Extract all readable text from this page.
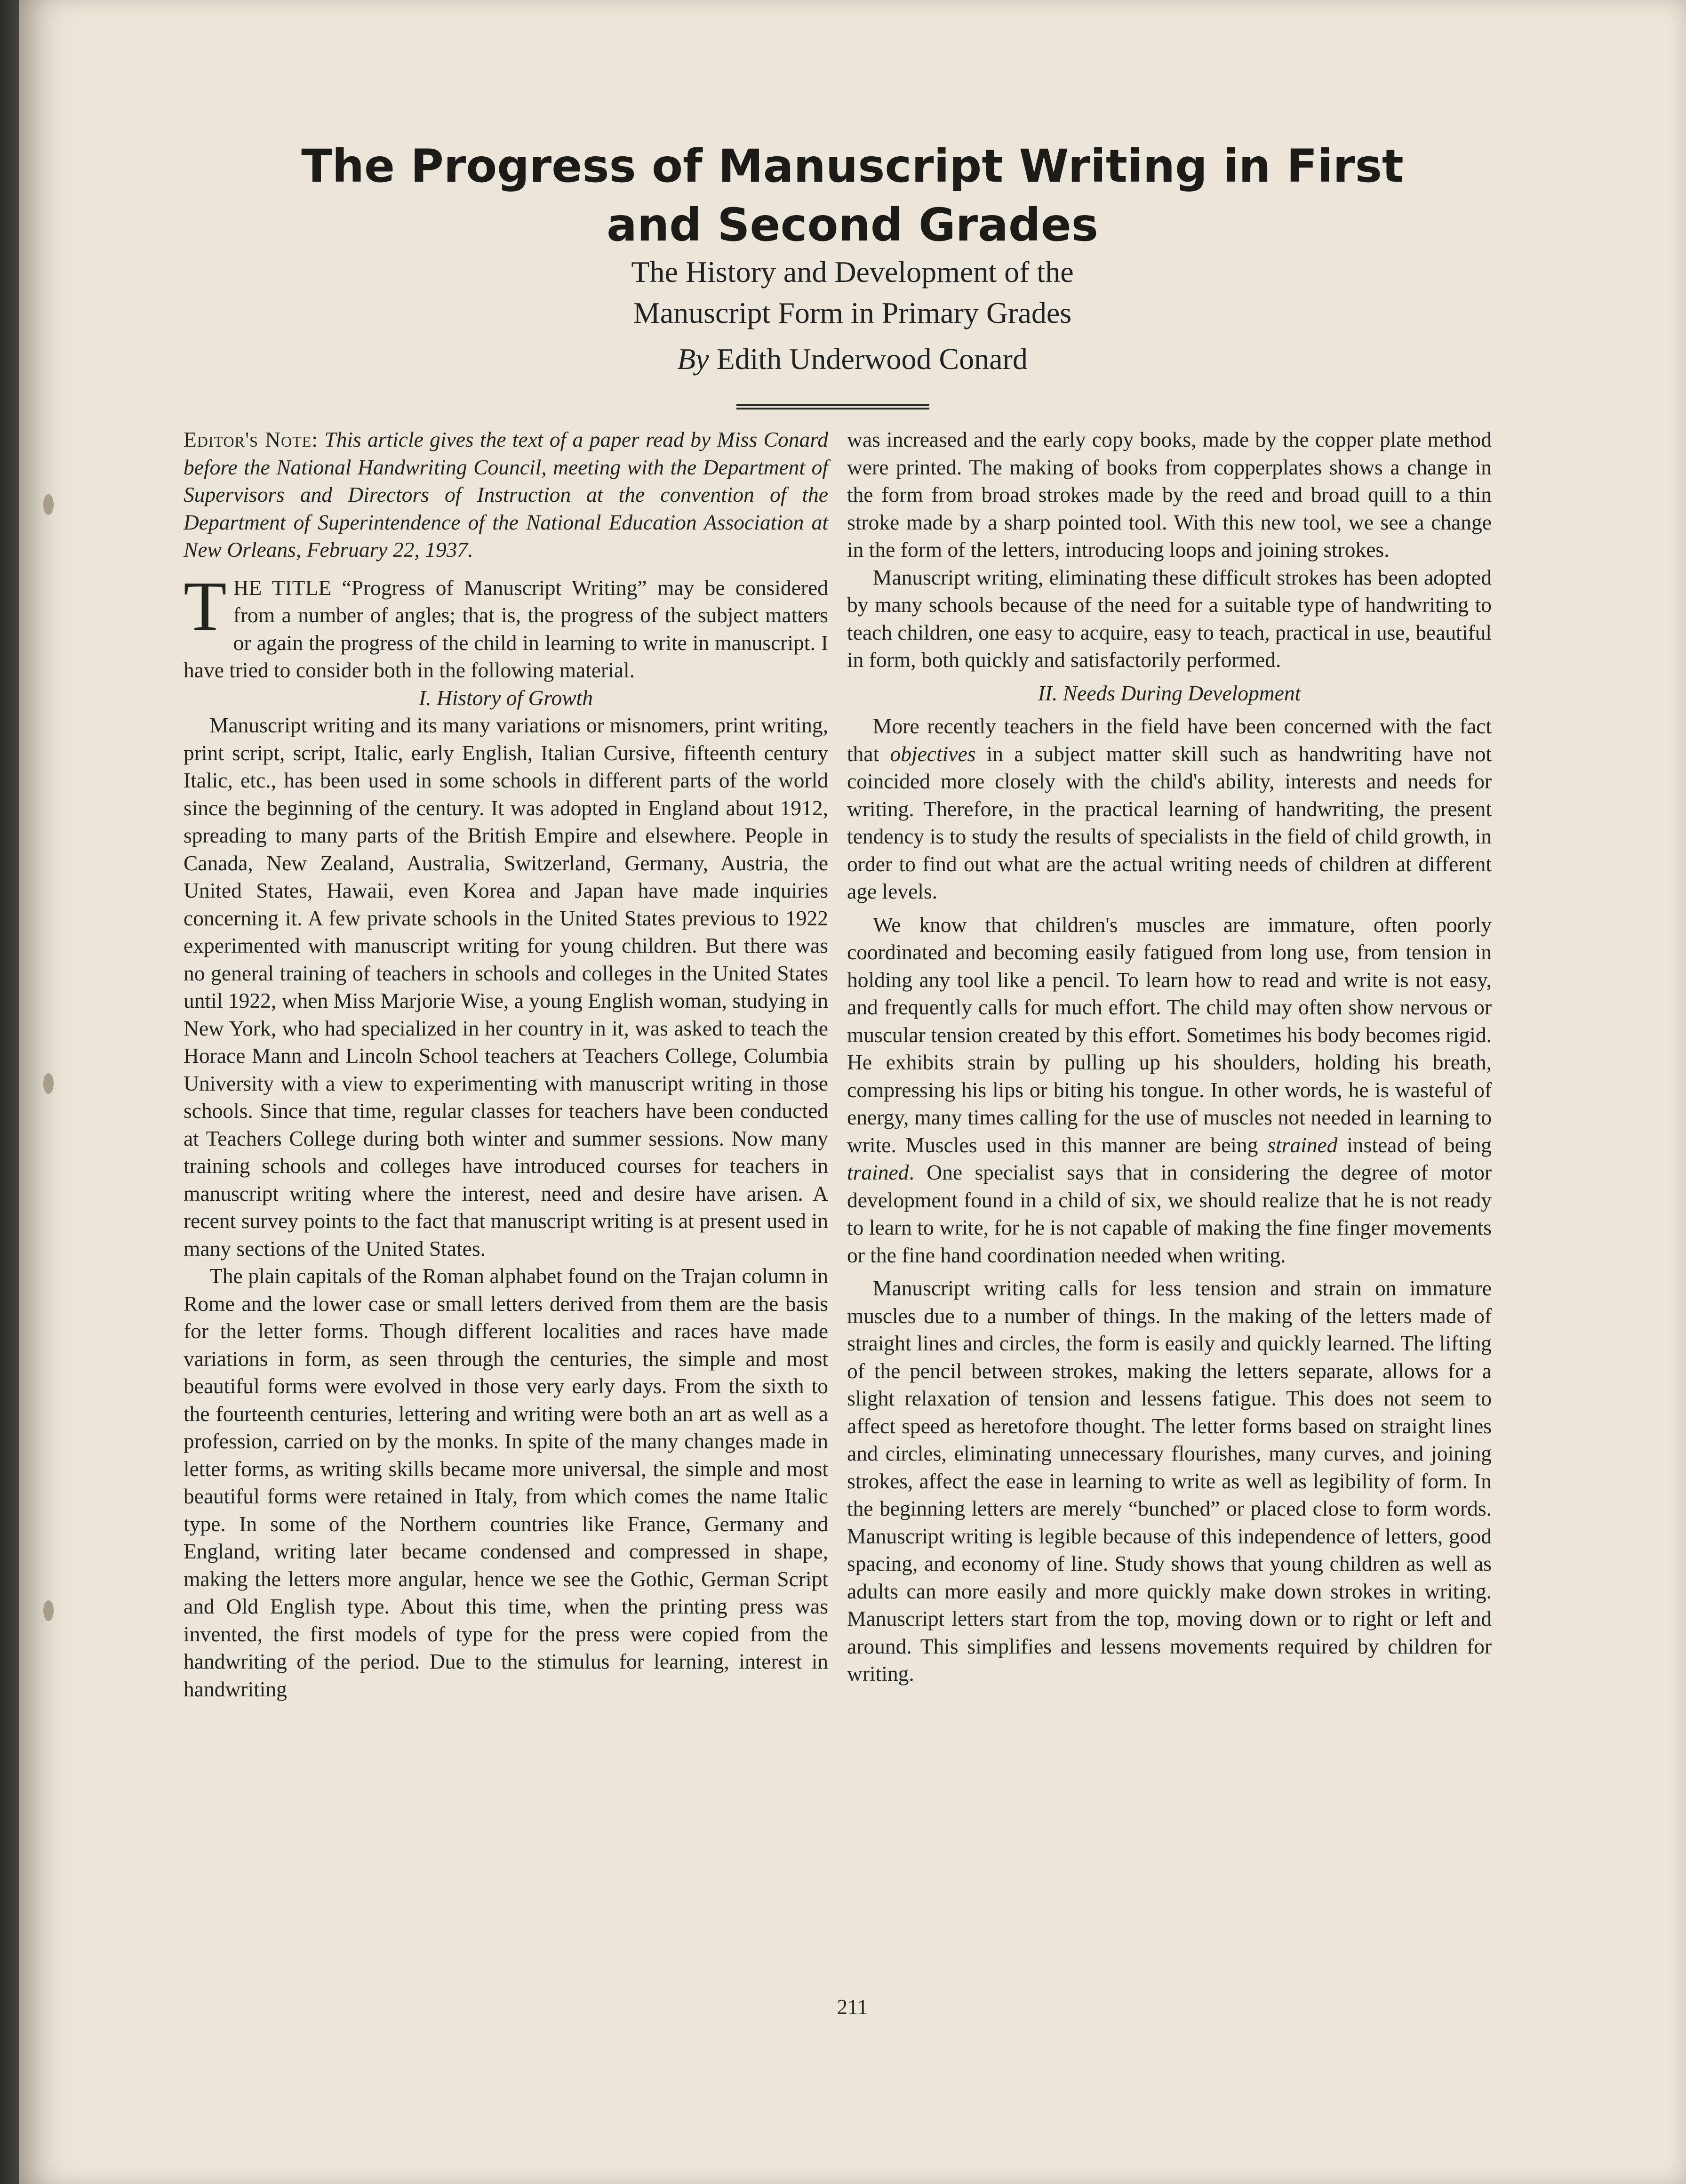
The Progress of Manuscript Writing in First
and Second Grades
The History and Development of the
Manuscript Form in Primary Grades
By Edith Underwood Conard

Editor's Note: This article gives the text of a paper read by Miss Conard before the National Handwriting Council, meeting with the Department of Supervisors and Directors of Instruction at the convention of the Department of Superintendence of the National Education Association at New Orleans, February 22, 1937.

THE TITLE “Progress of Manuscript Writing” may be considered from a number of angles; that is, the progress of the subject matters or again the progress of the child in learning to write in manuscript. I have tried to consider both in the following material.

I. History of Growth

Manuscript writing and its many variations or misnomers, print writing, print script, script, Italic, early English, Italian Cursive, fifteenth century Italic, etc., has been used in some schools in different parts of the world since the beginning of the century. It was adopted in England about 1912, spreading to many parts of the British Empire and elsewhere. People in Canada, New Zealand, Australia, Switzerland, Germany, Austria, the United States, Hawaii, even Korea and Japan have made inquiries concerning it. A few private schools in the United States previous to 1922 experimented with manuscript writing for young children. But there was no general training of teachers in schools and colleges in the United States until 1922, when Miss Marjorie Wise, a young English woman, studying in New York, who had specialized in her country in it, was asked to teach the Horace Mann and Lincoln School teachers at Teachers College, Columbia University with a view to experimenting with manuscript writing in those schools. Since that time, regular classes for teachers have been conducted at Teachers College during both winter and summer sessions. Now many training schools and colleges have introduced courses for teachers in manuscript writing where the interest, need and desire have arisen. A recent survey points to the fact that manuscript writing is at present used in many sections of the United States.

The plain capitals of the Roman alphabet found on the Trajan column in Rome and the lower case or small letters derived from them are the basis for the letter forms. Though different localities and races have made variations in form, as seen through the centuries, the simple and most beautiful forms were evolved in those very early days. From the sixth to the fourteenth centuries, lettering and writing were both an art as well as a profession, carried on by the monks. In spite of the many changes made in letter forms, as writing skills became more universal, the simple and most beautiful forms were retained in Italy, from which comes the name Italic type. In some of the Northern countries like France, Germany and England, writing later became condensed and compressed in shape, making the letters more angular, hence we see the Gothic, German Script and Old English type. About this time, when the printing press was invented, the first models of type for the press were copied from the handwriting of the period. Due to the stimulus for learning, interest in handwriting

was increased and the early copy books, made by the copper plate method were printed. The making of books from copperplates shows a change in the form from broad strokes made by the reed and broad quill to a thin stroke made by a sharp pointed tool. With this new tool, we see a change in the form of the letters, introducing loops and joining strokes.

Manuscript writing, eliminating these difficult strokes has been adopted by many schools because of the need for a suitable type of handwriting to teach children, one easy to acquire, easy to teach, practical in use, beautiful in form, both quickly and satisfactorily performed.

II. Needs During Development

More recently teachers in the field have been concerned with the fact that objectives in a subject matter skill such as handwriting have not coincided more closely with the child's ability, interests and needs for writing. Therefore, in the practical learning of handwriting, the present tendency is to study the results of specialists in the field of child growth, in order to find out what are the actual writing needs of children at different age levels.

We know that children's muscles are immature, often poorly coordinated and becoming easily fatigued from long use, from tension in holding any tool like a pencil. To learn how to read and write is not easy, and frequently calls for much effort. The child may often show nervous or muscular tension created by this effort. Sometimes his body becomes rigid. He exhibits strain by pulling up his shoulders, holding his breath, compressing his lips or biting his tongue. In other words, he is wasteful of energy, many times calling for the use of muscles not needed in learning to write. Muscles used in this manner are being strained instead of being trained. One specialist says that in considering the degree of motor development found in a child of six, we should realize that he is not ready to learn to write, for he is not capable of making the fine finger movements or the fine hand coordination needed when writing.

Manuscript writing calls for less tension and strain on immature muscles due to a number of things. In the making of the letters made of straight lines and circles, the form is easily and quickly learned. The lifting of the pencil between strokes, making the letters separate, allows for a slight relaxation of tension and lessens fatigue. This does not seem to affect speed as heretofore thought. The letter forms based on straight lines and circles, eliminating unnecessary flourishes, many curves, and joining strokes, affect the ease in learning to write as well as legibility of form. In the beginning letters are merely “bunched” or placed close to form words. Manuscript writing is legible because of this independence of letters, good spacing, and economy of line. Study shows that young children as well as adults can more easily and more quickly make down strokes in writing. Manuscript letters start from the top, moving down or to right or left and around. This simplifies and lessens movements required by children for writing.

211
